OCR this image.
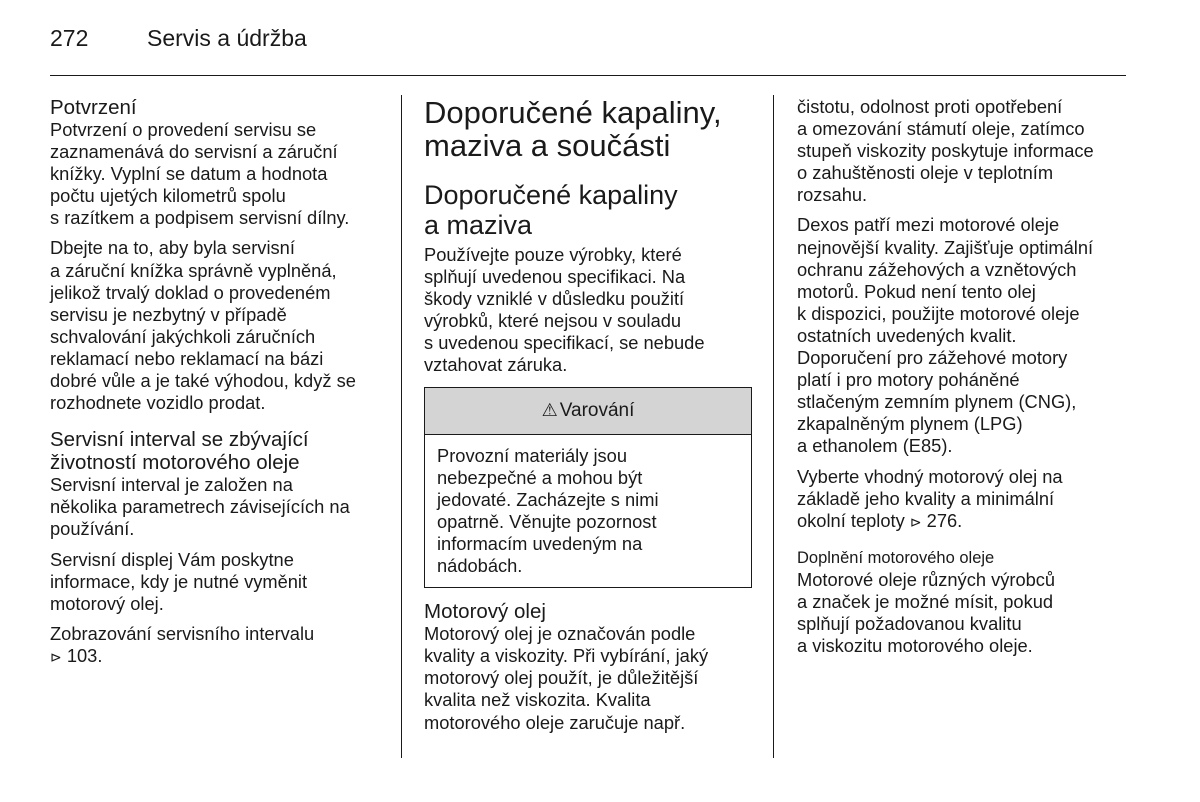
272	Servis a údržba
Potvrzení

Potvrzení o provedení servisu se
zaznamenává do servisní a záruční
knížky. Vyplní se datum a hodnota
počtu ujetých kilometrů spolu
s razítkem a podpisem servisní dílny.

Dbejte na to, aby byla servisní
a záruční knížka správně vyplněná,
jelikož trvalý doklad o provedeném
servisu je nezbytný v případě
schvalování jakýchkoli záručních
reklamací nebo reklamací na bázi
dobré vůle a je také výhodou, když se
rozhodnete vozidlo prodat.

Servisní interval se zbývající
životností motorového oleje

Servisní interval je založen na
několika parametrech závisejících na
používání.

Servisní displej Vám poskytne
informace, kdy je nutné vyměnit
motorový olej.

Zobrazování servisního intervalu
⊳ 103.

Doporučené kapaliny,
maziva a součásti
Doporučené kapaliny
a maziva

Používejte pouze výrobky, které
splňují uvedenou specifikaci. Na
škody vzniklé v důsledku použití
výrobků, které nejsou v souladu
s uvedenou specifikací, se nebude
vztahovat záruka.

⚠ Varování
Provozní materiály jsou
nebezpečné a mohou být
jedovaté. Zacházejte s nimi
opatrně. Věnujte pozornost
informacím uvedeným na
nádobách.
Motorový olej

Motorový olej je označován podle
kvality a viskozity. Při vybírání, jaký
motorový olej použít, je důležitější
kvalita než viskozita. Kvalita
motorového oleje zaručuje např.

čistotu, odolnost proti opotřebení
a omezování stámutí oleje, zatímco
stupeň viskozity poskytuje informace
o zahuštěnosti oleje v teplotním
rozsahu.

Dexos patří mezi motorové oleje
nejnovější kvality. Zajišťuje optimální
ochranu zážehových a vznětových
motorů. Pokud není tento olej
k dispozici, použijte motorové oleje
ostatních uvedených kvalit.
Doporučení pro zážehové motory
platí i pro motory poháněné
stlačeným zemním plynem (CNG),
zkapalněným plynem (LPG)
a ethanolem (E85).

Vyberte vhodný motorový olej na
základě jeho kvality a minimální
okolní teploty ⊳ 276.

Doplnění motorového oleje

Motorové oleje různých výrobců
a značek je možné mísit, pokud
splňují požadovanou kvalitu
a viskozitu motorového oleje.
